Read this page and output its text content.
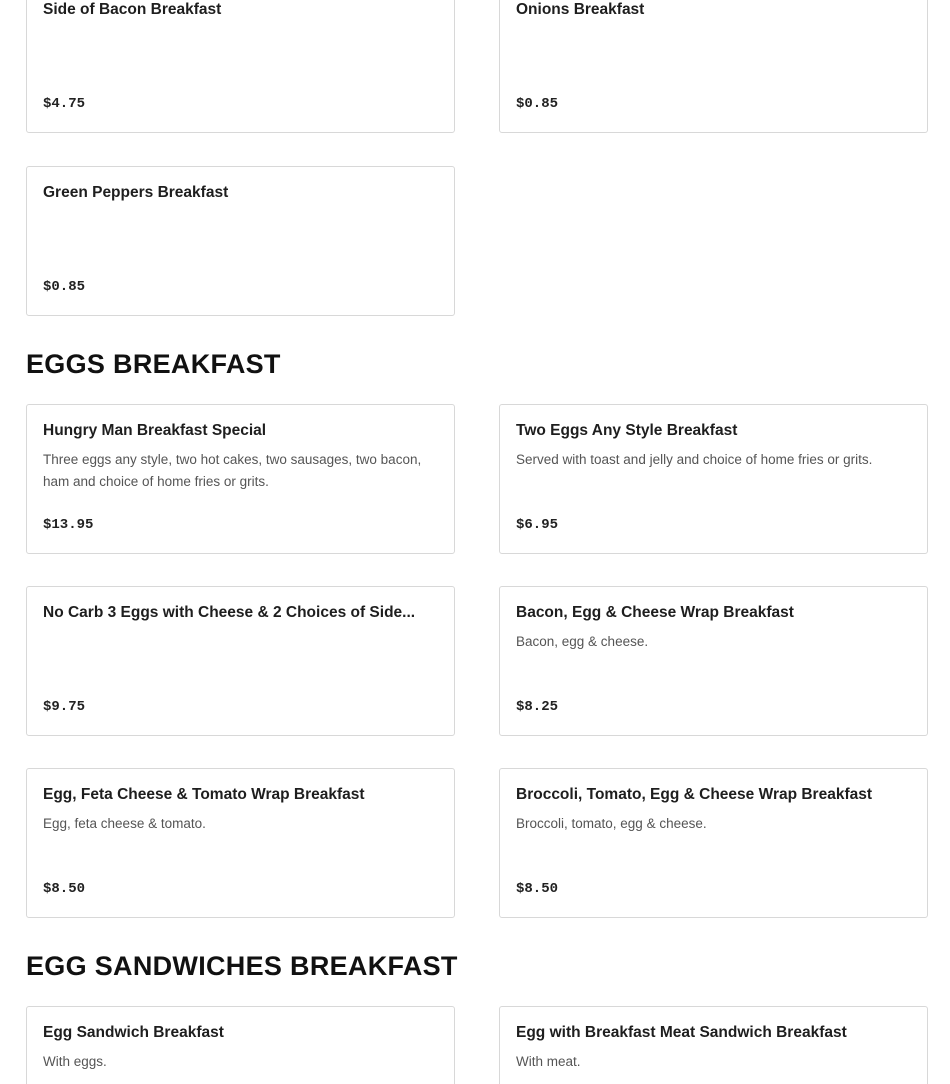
Side of Bacon Breakfast

$4.75

Onions Breakfast

$0.85

Green Peppers Breakfast

$0.85

EGGS BREAKFAST

Hungry Man Breakfast Special

Three eggs any style, two hot cakes, two sausages, two bacon, ham and choice of home fries or grits.

$13.95

Two Eggs Any Style Breakfast

Served with toast and jelly and choice of home fries or grits.

$6.95

No Carb 3 Eggs with Cheese & 2 Choices of Side...

$9.75

Bacon, Egg & Cheese Wrap Breakfast

Bacon, egg & cheese.

$8.25

Egg, Feta Cheese & Tomato Wrap Breakfast

Egg, feta cheese & tomato.

$8.50

Broccoli, Tomato, Egg & Cheese Wrap Breakfast

Broccoli, tomato, egg & cheese.

$8.50

EGG SANDWICHES BREAKFAST

Egg Sandwich Breakfast

With eggs.

Egg with Breakfast Meat Sandwich Breakfast

With meat.
